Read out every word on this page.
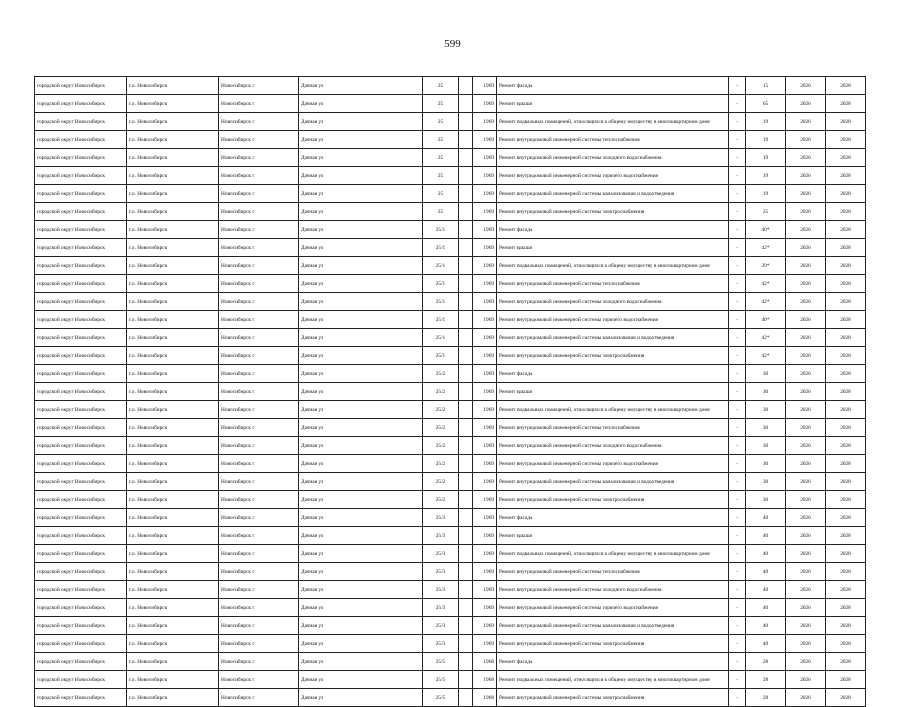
599
городской округ Новосибирск	г.о. Новосибирск	Новосибирск г	Дачная ул	25		1969	Ремонт фасада	-	15	2026	2028
городской округ Новосибирск	г.о. Новосибирск	Новосибирск г	Дачная ул	25		1969	Ремонт крыши	-	65	2026	2028
городской округ Новосибирск	г.о. Новосибирск	Новосибирск г	Дачная ул	25		1969	Ремонт подвальных помещений, относящихся к общему имуществу в многоквартирном доме	-	19	2026	2028
городской округ Новосибирск	г.о. Новосибирск	Новосибирск г	Дачная ул	25		1969	Ремонт внутридомовой инженерной системы теплоснабжения	-	19	2026	2028
городской округ Новосибирск	г.о. Новосибирск	Новосибирск г	Дачная ул	25		1969	Ремонт внутридомовой инженерной системы холодного водоснабжения	-	19	2026	2028
городской округ Новосибирск	г.о. Новосибирск	Новосибирск г	Дачная ул	25		1969	Ремонт внутридомовой инженерной системы горячего водоснабжения	-	19	2026	2028
городской округ Новосибирск	г.о. Новосибирск	Новосибирск г	Дачная ул	25		1969	Ремонт внутридомовой инженерной системы канализования и водоотведения	-	19	2026	2028
городской округ Новосибирск	г.о. Новосибирск	Новосибирск г	Дачная ул	25		1969	Ремонт внутридомовой инженерной системы электроснабжения	-	25	2026	2028
городской округ Новосибирск	г.о. Новосибирск	Новосибирск г	Дачная ул	25/1		1969	Ремонт фасада	-	40*	2026	2028
городской округ Новосибирск	г.о. Новосибирск	Новосибирск г	Дачная ул	25/1		1969	Ремонт крыши	-	42*	2026	2028
городской округ Новосибирск	г.о. Новосибирск	Новосибирск г	Дачная ул	25/1		1969	Ремонт подвальных помещений, относящихся к общему имуществу в многоквартирном доме	-	39*	2026	2028
городской округ Новосибирск	г.о. Новосибирск	Новосибирск г	Дачная ул	25/1		1969	Ремонт внутридомовой инженерной системы теплоснабжения	-	42*	2026	2028
городской округ Новосибирск	г.о. Новосибирск	Новосибирск г	Дачная ул	25/1		1969	Ремонт внутридомовой инженерной системы холодного водоснабжения	-	42*	2026	2028
городской округ Новосибирск	г.о. Новосибирск	Новосибирск г	Дачная ул	25/1		1969	Ремонт внутридомовой инженерной системы горячего водоснабжения	-	40*	2026	2028
городской округ Новосибирск	г.о. Новосибирск	Новосибирск г	Дачная ул	25/1		1969	Ремонт внутридомовой инженерной системы канализования и водоотведения	-	42*	2026	2028
городской округ Новосибирск	г.о. Новосибирск	Новосибирск г	Дачная ул	25/1		1969	Ремонт внутридомовой инженерной системы электроснабжения	-	42*	2026	2028
городской округ Новосибирск	г.о. Новосибирск	Новосибирск г	Дачная ул	25/2		1969	Ремонт фасада	-	30	2026	2028
городской округ Новосибирск	г.о. Новосибирск	Новосибирск г	Дачная ул	25/2		1969	Ремонт крыши	-	30	2026	2028
городской округ Новосибирск	г.о. Новосибирск	Новосибирск г	Дачная ул	25/2		1969	Ремонт подвальных помещений, относящихся к общему имуществу в многоквартирном доме	-	30	2026	2028
городской округ Новосибирск	г.о. Новосибирск	Новосибирск г	Дачная ул	25/2		1969	Ремонт внутридомовой инженерной системы теплоснабжения	-	30	2026	2028
городской округ Новосибирск	г.о. Новосибирск	Новосибирск г	Дачная ул	25/2		1969	Ремонт внутридомовой инженерной системы холодного водоснабжения	-	30	2026	2028
городской округ Новосибирск	г.о. Новосибирск	Новосибирск г	Дачная ул	25/2		1969	Ремонт внутридомовой инженерной системы горячего водоснабжения	-	30	2026	2028
городской округ Новосибирск	г.о. Новосибирск	Новосибирск г	Дачная ул	25/2		1969	Ремонт внутридомовой инженерной системы канализования и водоотведения	-	30	2026	2028
городской округ Новосибирск	г.о. Новосибирск	Новосибирск г	Дачная ул	25/2		1969	Ремонт внутридомовой инженерной системы электроснабжения	-	30	2026	2028
городской округ Новосибирск	г.о. Новосибирск	Новосибирск г	Дачная ул	25/3		1969	Ремонт фасада	-	40	2026	2028
городской округ Новосибирск	г.о. Новосибирск	Новосибирск г	Дачная ул	25/3		1969	Ремонт крыши	-	40	2026	2028
городской округ Новосибирск	г.о. Новосибирск	Новосибирск г	Дачная ул	25/3		1969	Ремонт подвальных помещений, относящихся к общему имуществу в многоквартирном доме	-	40	2026	2028
городской округ Новосибирск	г.о. Новосибирск	Новосибирск г	Дачная ул	25/3		1969	Ремонт внутридомовой инженерной системы теплоснабжения	-	40	2026	2028
городской округ Новосибирск	г.о. Новосибирск	Новосибирск г	Дачная ул	25/3		1969	Ремонт внутридомовой инженерной системы холодного водоснабжения	-	40	2026	2028
городской округ Новосибирск	г.о. Новосибирск	Новосибирск г	Дачная ул	25/3		1969	Ремонт внутридомовой инженерной системы горячего водоснабжения	-	40	2026	2028
городской округ Новосибирск	г.о. Новосибирск	Новосибирск г	Дачная ул	25/3		1969	Ремонт внутридомовой инженерной системы канализования и водоотведения	-	40	2026	2028
городской округ Новосибирск	г.о. Новосибирск	Новосибирск г	Дачная ул	25/3		1969	Ремонт внутридомовой инженерной системы электроснабжения	-	40	2026	2028
городской округ Новосибирск	г.о. Новосибирск	Новосибирск г	Дачная ул	25/5		1968	Ремонт фасада	-	28	2026	2028
городской округ Новосибирск	г.о. Новосибирск	Новосибирск г	Дачная ул	25/5		1968	Ремонт подвальных помещений, относящихся к общему имуществу в многоквартирном доме	-	28	2026	2028
городской округ Новосибирск	г.о. Новосибирск	Новосибирск г	Дачная ул	25/5		1968	Ремонт внутридомовой инженерной системы электроснабжения	-	28	2026	2028
